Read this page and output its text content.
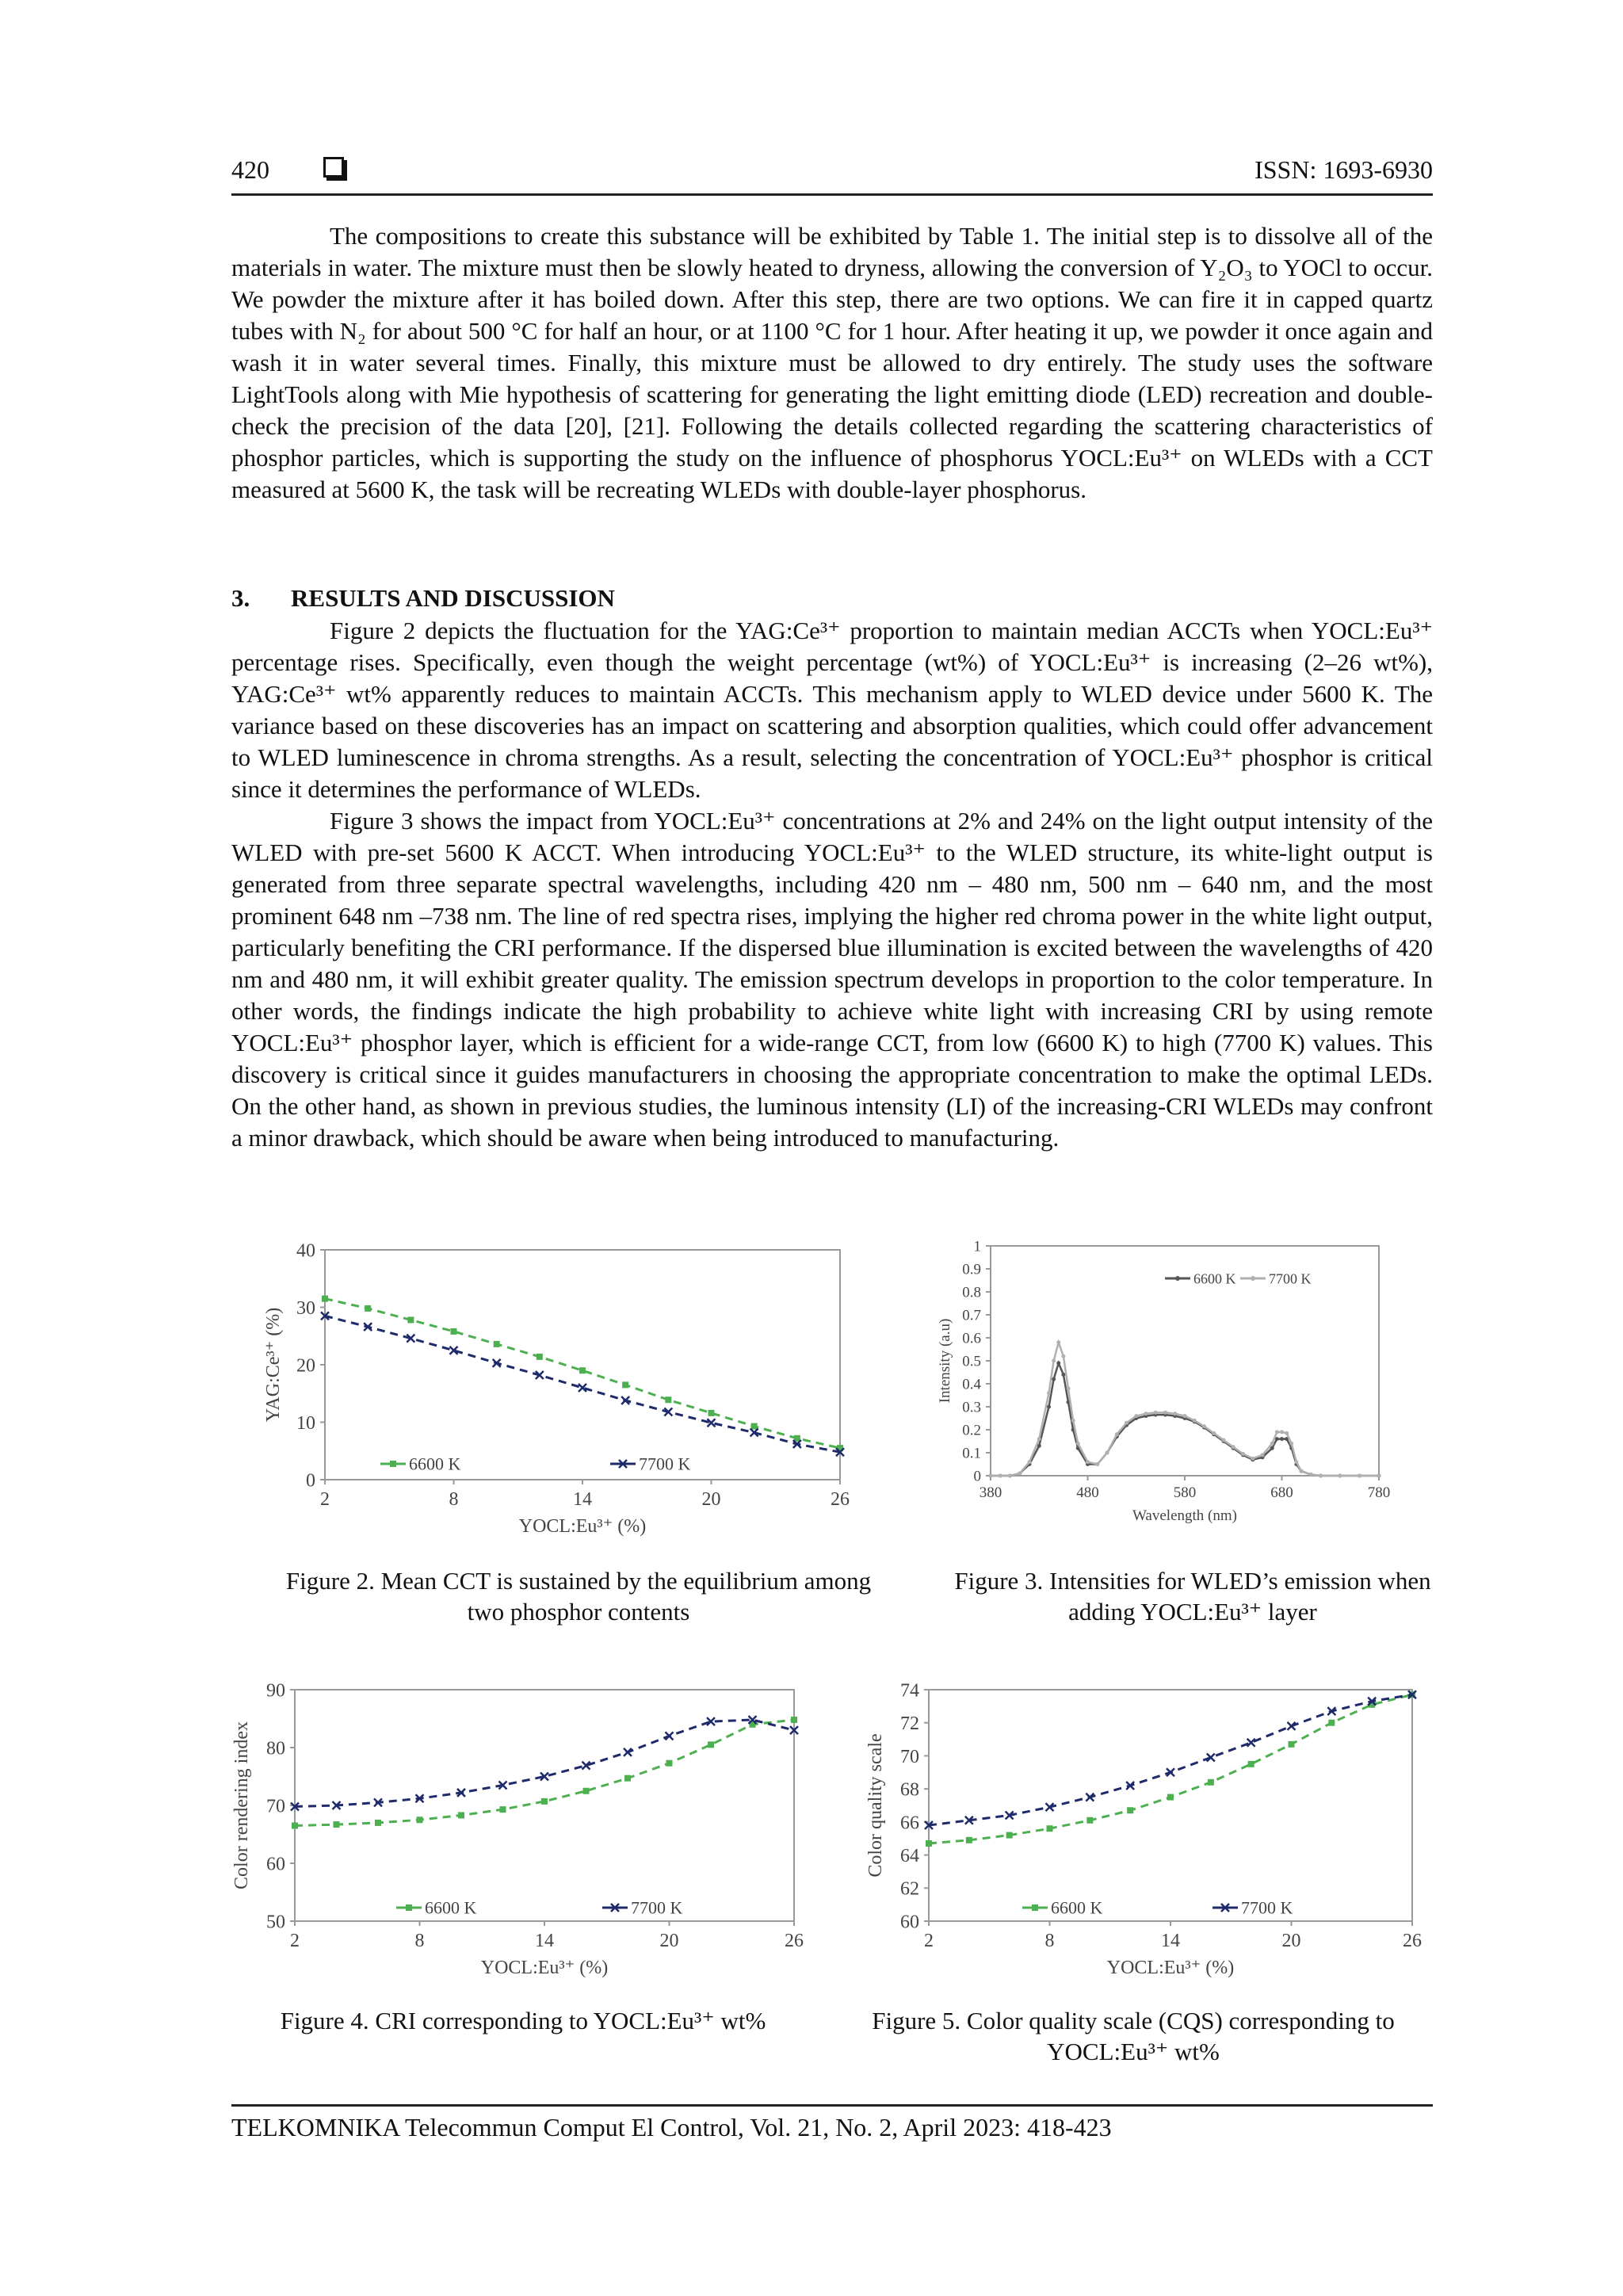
420	ISSN: 1693-6930

The compositions to create this substance will be exhibited by Table 1. The initial step is to dissolve all of the materials in water. The mixture must then be slowly heated to dryness, allowing the conversion of Y₂O₃ to YOCl to occur. We powder the mixture after it has boiled down. After this step, there are two options. We can fire it in capped quartz tubes with N₂ for about 500 °C for half an hour, or at 1100 °C for 1 hour. After heating it up, we powder it once again and wash it in water several times. Finally, this mixture must be allowed to dry entirely. The study uses the software LightTools along with Mie hypothesis of scattering for generating the light emitting diode (LED) recreation and double-check the precision of the data [20], [21]. Following the details collected regarding the scattering characteristics of phosphor particles, which is supporting the study on the influence of phosphorus YOCL:Eu³⁺ on WLEDs with a CCT measured at 5600 K, the task will be recreating WLEDs with double-layer phosphorus.

3. RESULTS AND DISCUSSION

Figure 2 depicts the fluctuation for the YAG:Ce³⁺ proportion to maintain median ACCTs when YOCL:Eu³⁺ percentage rises. Specifically, even though the weight percentage (wt%) of YOCL:Eu³⁺ is increasing (2–26 wt%), YAG:Ce³⁺ wt% apparently reduces to maintain ACCTs. This mechanism apply to WLED device under 5600 K. The variance based on these discoveries has an impact on scattering and absorption qualities, which could offer advancement to WLED luminescence in chroma strengths. As a result, selecting the concentration of YOCL:Eu³⁺ phosphor is critical since it determines the performance of WLEDs.

Figure 3 shows the impact from YOCL:Eu³⁺ concentrations at 2% and 24% on the light output intensity of the WLED with pre-set 5600 K ACCT. When introducing YOCL:Eu³⁺ to the WLED structure, its white-light output is generated from three separate spectral wavelengths, including 420 nm – 480 nm, 500 nm – 640 nm, and the most prominent 648 nm –738 nm. The line of red spectra rises, implying the higher red chroma power in the white light output, particularly benefiting the CRI performance. If the dispersed blue illumination is excited between the wavelengths of 420 nm and 480 nm, it will exhibit greater quality. The emission spectrum develops in proportion to the color temperature. In other words, the findings indicate the high probability to achieve white light with increasing CRI by using remote YOCL:Eu³⁺ phosphor layer, which is efficient for a wide-range CCT, from low (6600 K) to high (7700 K) values. This discovery is critical since it guides manufacturers in choosing the appropriate concentration to make the optimal LEDs. On the other hand, as shown in previous studies, the luminous intensity (LI) of the increasing-CRI WLEDs may confront a minor drawback, which should be aware when being introduced to manufacturing.

0
10
20
30
40
2	8	14	20	26
YOCL:Eu³⁺ (%)
YAG:Ce³⁺ (%)
6600 K	7700 K
Figure 2. Mean CCT is sustained by the equilibrium among two phosphor contents
0
0.1
0.2
0.3
0.4
0.5
0.6
0.7
0.8
0.9
1
380	480	580	680	780
Wavelength (nm)
Intensity (a.u)
6600 K 7700 K
Figure 3. Intensities for WLED’s emission when adding YOCL:Eu³⁺ layer
50
60
70
80
90
2	8	14	20	26
YOCL:Eu³⁺ (%)
Color rendering index
6600 K	7700 K
Figure 4. CRI corresponding to YOCL:Eu³⁺ wt%
60
62
64
66
68
70
72
74
2	8	14	20	26
YOCL:Eu³⁺ (%)
Color quality scale
6600 K	7700 K
Figure 5. Color quality scale (CQS) corresponding to YOCL:Eu³⁺ wt%
TELKOMNIKA Telecommun Comput El Control, Vol. 21, No. 2, April 2023: 418-423
